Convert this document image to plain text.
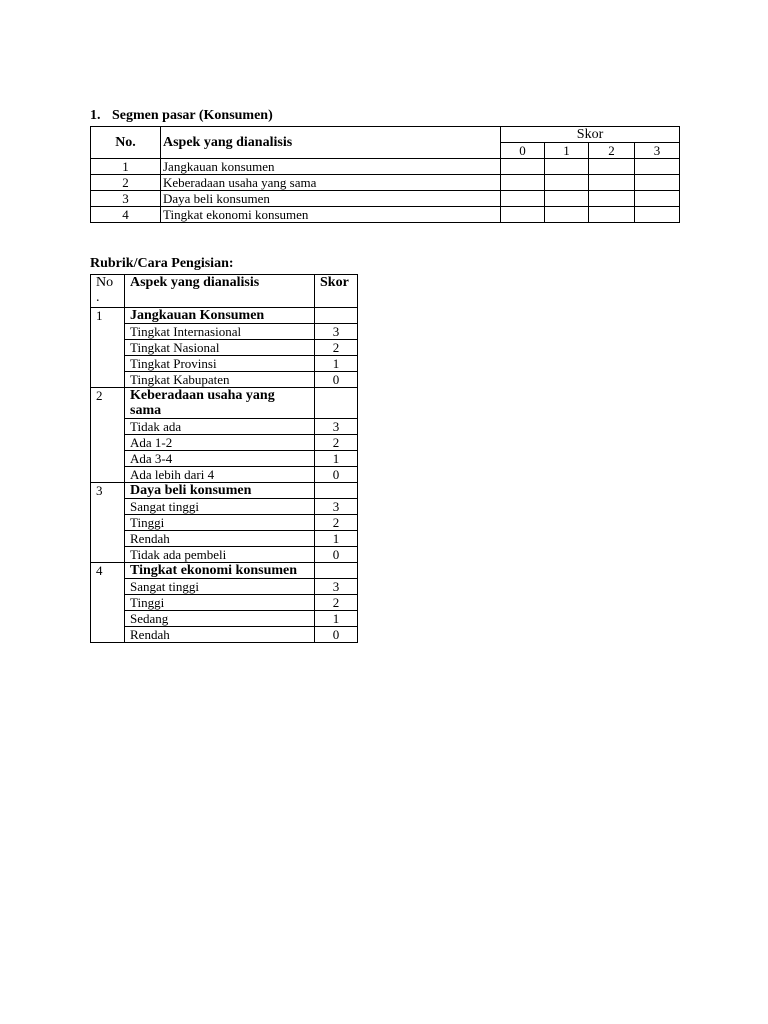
1. Segmen pasar (Konsumen)
No.	Aspek yang dianalisis	Skor			
		0	1	2	3
1	Jangkauan konsumen				
2	Keberadaan usaha yang sama				
3	Daya beli konsumen				
4	Tingkat ekonomi konsumen				
Rubrik/Cara Pengisian:
No .	Aspek yang dianalisis	Skor
1	Jangkauan Konsumen	
	Tingkat Internasional	3
	Tingkat Nasional	2
	Tingkat Provinsi	1
	Tingkat Kabupaten	0
2	Keberadaan usaha yang sama	
	Tidak ada	3
	Ada 1-2	2
	Ada 3-4	1
	Ada lebih dari 4	0
3	Daya beli konsumen	
	Sangat tinggi	3
	Tinggi	2
	Rendah	1
	Tidak ada pembeli	0
4	Tingkat ekonomi konsumen	
	Sangat tinggi	3
	Tinggi	2
	Sedang	1
	Rendah	0
